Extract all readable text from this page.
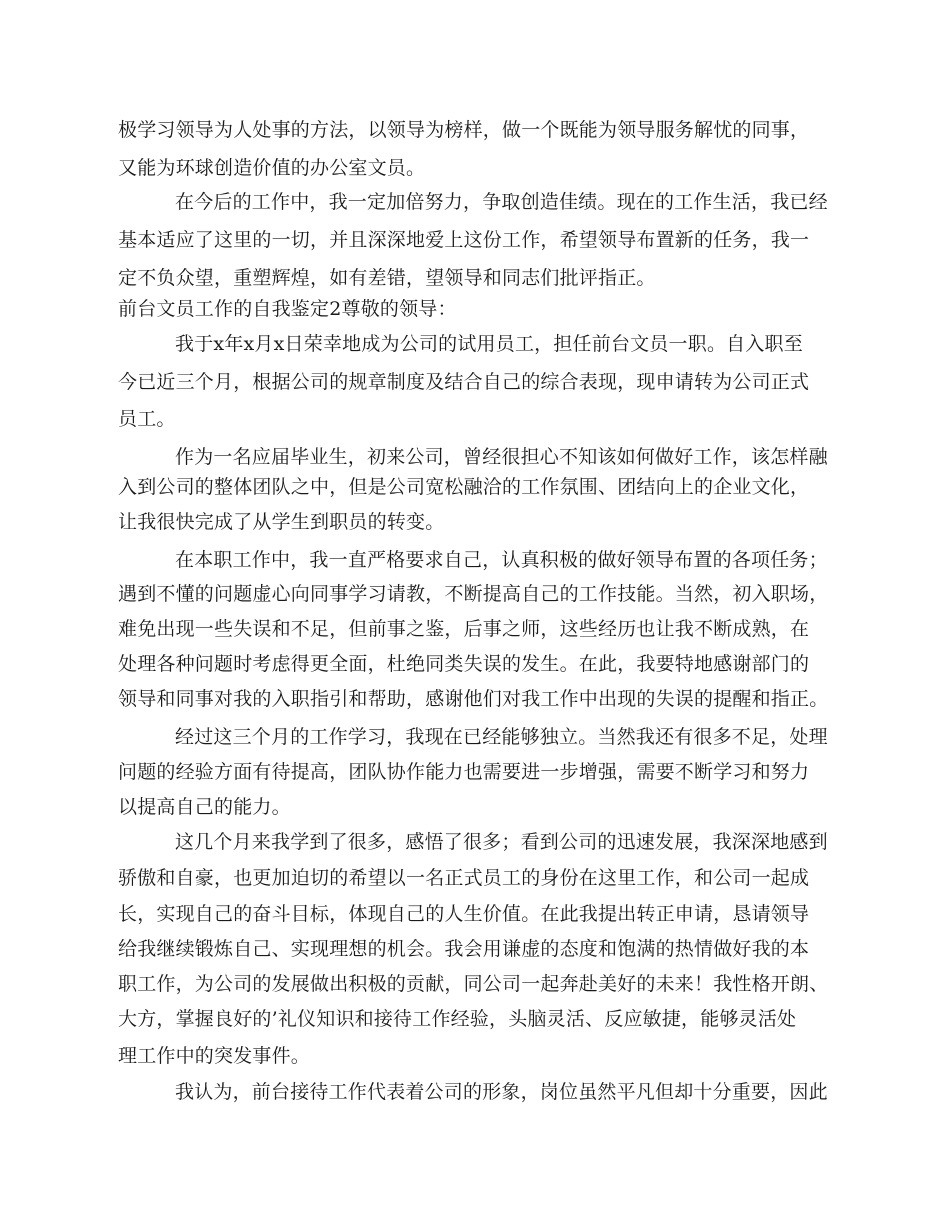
极学习领导为人处事的方法，以领导为榜样，做一个既能为领导服务解忧的同事，
又能为环球创造价值的办公室文员。
在今后的工作中，我一定加倍努力，争取创造佳绩。现在的工作生活，我已经
基本适应了这里的一切，并且深深地爱上这份工作，希望领导布置新的任务，我一
定不负众望，重塑辉煌，如有差错，望领导和同志们批评指正。
前台文员工作的自我鉴定2尊敬的领导：
我于x年x月x日荣幸地成为公司的试用员工，担任前台文员一职。自入职至
今已近三个月，根据公司的规章制度及结合自己的综合表现，现申请转为公司正式
员工。
作为一名应届毕业生，初来公司，曾经很担心不知该如何做好工作，该怎样融
入到公司的整体团队之中，但是公司宽松融洽的工作氛围、团结向上的企业文化，
让我很快完成了从学生到职员的转变。
在本职工作中，我一直严格要求自己，认真积极的做好领导布置的各项任务；
遇到不懂的问题虚心向同事学习请教，不断提高自己的工作技能。当然，初入职场，
难免出现一些失误和不足，但前事之鉴，后事之师，这些经历也让我不断成熟，在
处理各种问题时考虑得更全面，杜绝同类失误的发生。在此，我要特地感谢部门的
领导和同事对我的入职指引和帮助，感谢他们对我工作中出现的失误的提醒和指正。
经过这三个月的工作学习，我现在已经能够独立。当然我还有很多不足，处理
问题的经验方面有待提高，团队协作能力也需要进一步增强，需要不断学习和努力
以提高自己的能力。
这几个月来我学到了很多，感悟了很多；看到公司的迅速发展，我深深地感到
骄傲和自豪，也更加迫切的希望以一名正式员工的身份在这里工作，和公司一起成
长，实现自己的奋斗目标，体现自己的人生价值。在此我提出转正申请，恳请领导
给我继续锻炼自己、实现理想的机会。我会用谦虚的态度和饱满的热情做好我的本
职工作，为公司的发展做出积极的贡献，同公司一起奔赴美好的未来！我性格开朗、
大方，掌握良好的’礼仪知识和接待工作经验，头脑灵活、反应敏捷，能够灵活处
理工作中的突发事件。
我认为，前台接待工作代表着公司的形象，岗位虽然平凡但却十分重要，因此
